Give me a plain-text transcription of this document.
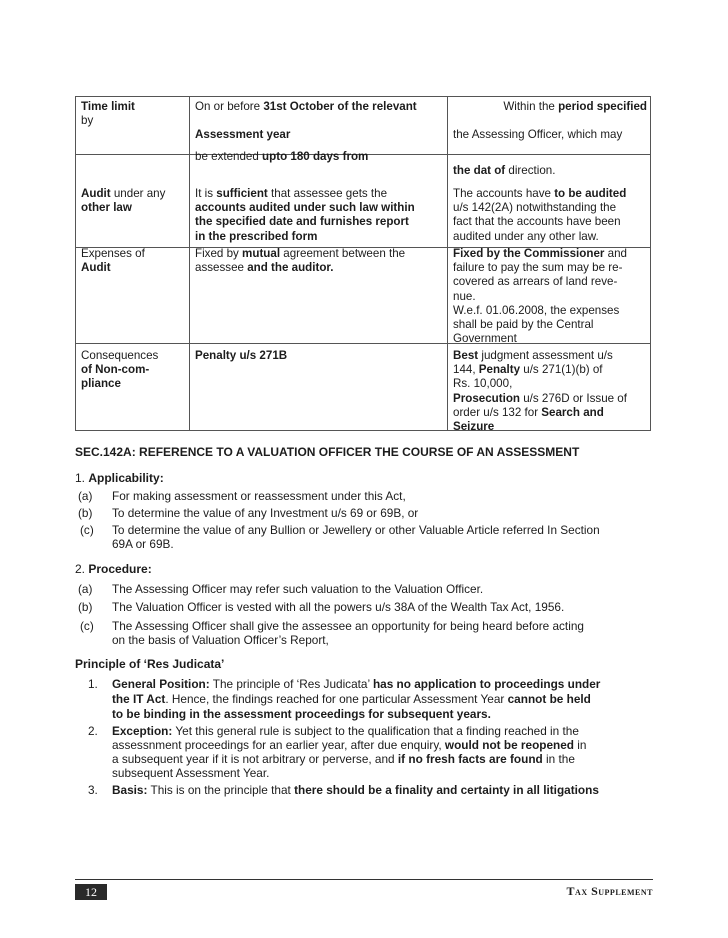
Time limit
by
On or before 31st October of the relevant
Assessment year
be extended upto 180 days from
Within the period specified
the Assessing Officer, which may
the dat of direction.
Audit under any
other law
It is sufficient that assessee gets the
accounts audited under such law within
the specified date and furnishes report
in the prescribed form
The accounts have to be audited
u/s 142(2A) notwithstanding the
fact that the accounts have been
audited under any other law.
Expenses of
Audit
Fixed by mutual agreement between the
assessee and the auditor.
Fixed by the Commissioner and
failure to pay the sum may be re-
covered as arrears of land reve-
nue.
W.e.f. 01.06.2008, the expenses
shall be paid by the Central
Government
Consequences
of Non-com-
pliance
Penalty u/s 271B	Best judgment assessment u/s
144, Penalty u/s 271(1)(b) of
Rs. 10,000,
Prosecution u/s 276D or Issue of
order u/s 132 for Search and
Seizure
SEC.142A: REFERENCE TO A VALUATION OFFICER THE COURSE OF AN ASSESSMENT
1. Applicability:
(a) For making assessment or reassessment under this Act,
(b) To determine the value of any Investment u/s 69 or 69B, or
(c) To determine the value of any Bullion or Jewellery or other Valuable Article referred In Section
69A or 69B.
2. Procedure:
(a) The Assessing Officer may refer such valuation to the Valuation Officer.
(b) The Valuation Officer is vested with all the powers u/s 38A of the Wealth Tax Act, 1956.
(c) The Assessing Officer shall give the assessee an opportunity for being heard before acting
on the basis of Valuation Officer’s Report,
Principle of ‘Res Judicata’
1. General Position: The principle of ‘Res Judicata’ has no application to proceedings under
the IT Act. Hence, the findings reached for one particular Assessment Year cannot be held
to be binding in the assessment proceedings for subsequent years.
2. Exception: Yet this general rule is subject to the qualification that a finding reached in the
assessnment proceedings for an earlier year, after due enquiry, would not be reopened in
a subsequent year if it is not arbitrary or perverse, and if no fresh facts are found in the
subsequent Assessment Year.
3. Basis: This is on the principle that there should be a finality and certainty in all litigations
12	Tax Supplement
